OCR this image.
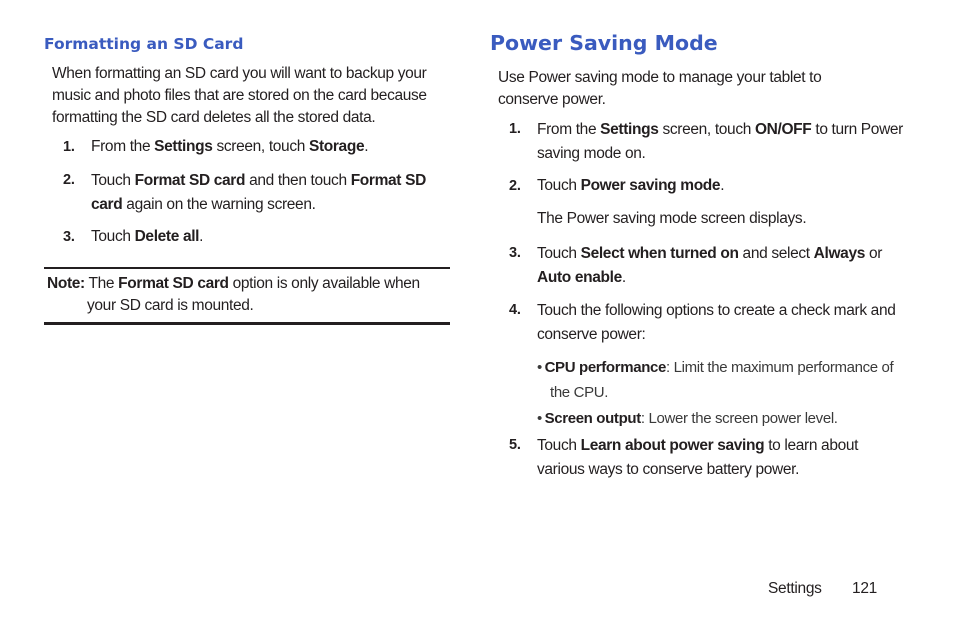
Formatting an SD Card

When formatting an SD card you will want to backup your music and photo files that are stored on the card because formatting the SD card deletes all the stored data.

1. From the Settings screen, touch Storage.

2. Touch Format SD card and then touch Format SD card again on the warning screen.

3. Touch Delete all.

Note: The Format SD card option is only available when your SD card is mounted.

Power Saving Mode

Use Power saving mode to manage your tablet to conserve power.

1. From the Settings screen, touch ON/OFF to turn Power saving mode on.

2. Touch Power saving mode.

The Power saving mode screen displays.

3. Touch Select when turned on and select Always or Auto enable.

4. Touch the following options to create a check mark and conserve power:

•  CPU performance: Limit the maximum performance of the CPU.

•  Screen output: Lower the screen power level.

5. Touch Learn about power saving to learn about various ways to conserve battery power.

Settings 121
